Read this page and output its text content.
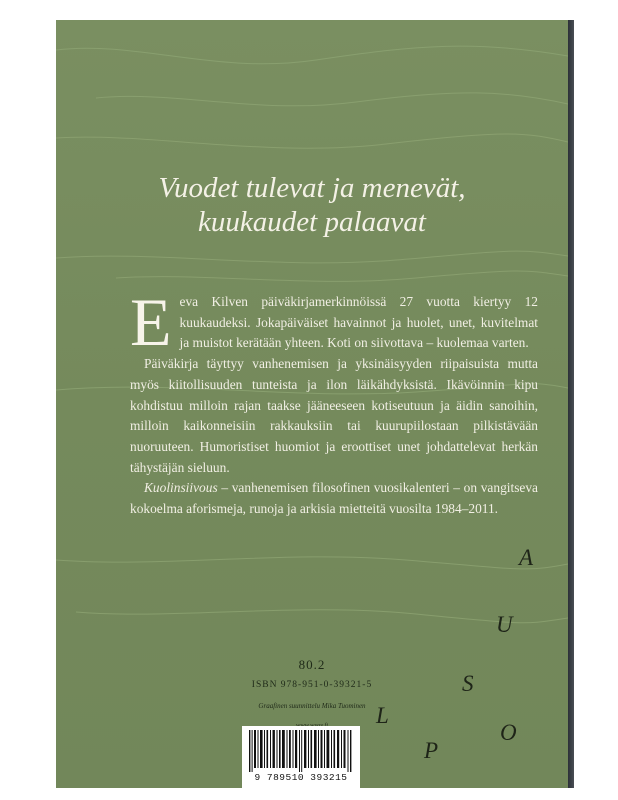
Vuodet tulevat ja menevät,
kuukaudet palaavat

Eeva Kilven päiväkirjamerkinnöissä 27 vuotta kiertyy 12 kuukaudeksi. Jokapäiväiset havainnot ja huolet, unet, kuvitelmat ja muistot kerätään yhteen. Koti on siivottava – kuolemaa varten.

Päiväkirja täyttyy vanhenemisen ja yksinäisyyden riipaisuista mutta myös kiitollisuuden tunteista ja ilon läikähdyksistä. Ikävöinnin kipu kohdistuu milloin rajan taakse jääneeseen kotiseutuun ja äidin sanoihin, milloin kaikonneisiin rakkauksiin tai kuurupiilostaan pilkistävään nuoruuteen. Humoristiset huomiot ja eroottiset unet johdattelevat herkän tähystäjän sieluun.

Kuolinsiivous – vanhenemisen filosofinen vuosikalenteri – on vangitseva kokoelma aforismeja, runoja ja arkisia mietteitä vuosilta 1984–2011.

80.2

ISBN 978-951-0-39321-5

Graafinen suunnittelu Mika Tuominen

A
U
S
O
P
L
9 789510 393215
